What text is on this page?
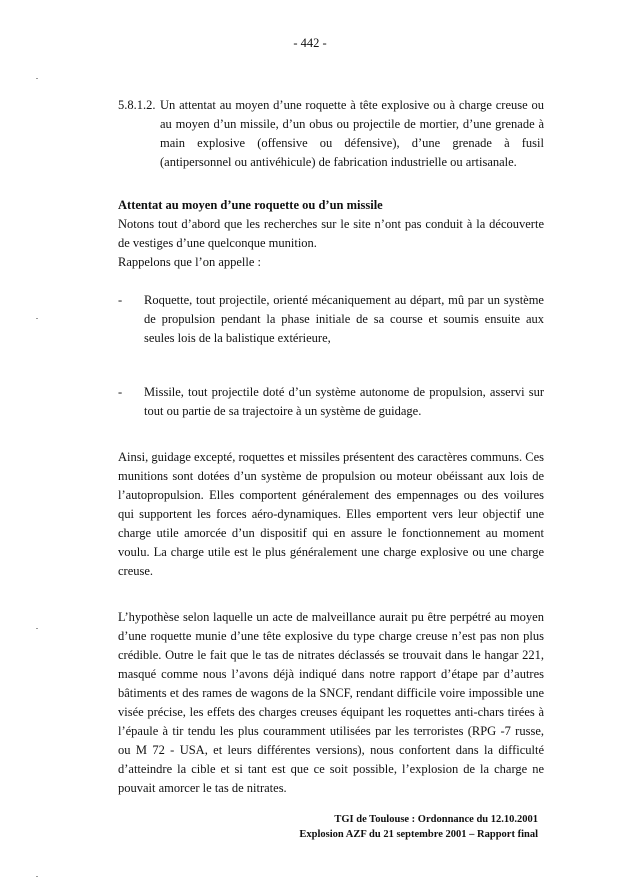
- 442 -
5.8.1.2. Un attentat au moyen d’une roquette à tête explosive ou à charge creuse ou au moyen d’un missile, d’un obus ou projectile de mortier, d’une grenade à main explosive (offensive ou défensive), d’une grenade à fusil (antipersonnel ou antivéhicule) de fabrication industrielle ou artisanale.
Attentat au moyen d’une roquette ou d’un missile

Notons tout d’abord que les recherches sur le site n’ont pas conduit à la découverte de vestiges d’une quelconque munition.

Rappelons que l’on appelle :

-	Roquette, tout projectile, orienté mécaniquement au départ, mû par un système de propulsion pendant la phase initiale de sa course et soumis ensuite aux seules lois de la balistique extérieure,
-	Missile, tout projectile doté d’un système autonome de propulsion, asservi sur tout ou partie de sa trajectoire à un système de guidage.

Ainsi, guidage excepté, roquettes et missiles présentent des caractères communs. Ces munitions sont dotées d’un système de propulsion ou moteur obéissant aux lois de l’autopropulsion. Elles comportent généralement des empennages ou des voilures qui supportent les forces aéro-dynamiques. Elles emportent vers leur objectif une charge utile amorcée d’un dispositif qui en assure le fonctionnement au moment voulu. La charge utile est le plus généralement une charge explosive ou une charge creuse.

L’hypothèse selon laquelle un acte de malveillance aurait pu être perpétré au moyen d’une roquette munie d’une tête explosive du type charge creuse n’est pas non plus crédible. Outre le fait que le tas de nitrates déclassés se trouvait dans le hangar 221, masqué comme nous l’avons déjà indiqué dans notre rapport d’étape par d’autres bâtiments et des rames de wagons de la SNCF, rendant difficile voire impossible une visée précise, les effets des charges creuses équipant les roquettes anti-chars tirées à l’épaule à tir tendu les plus couramment utilisées par les terroristes (RPG -7 russe, ou M 72 - USA, et leurs différentes versions), nous confortent dans la difficulté d’atteindre la cible et si tant est que ce soit possible, l’explosion de la charge ne pouvait amorcer le tas de nitrates.

TGI de Toulouse : Ordonnance du 12.10.2001
Explosion AZF du 21 septembre 2001 – Rapport final
